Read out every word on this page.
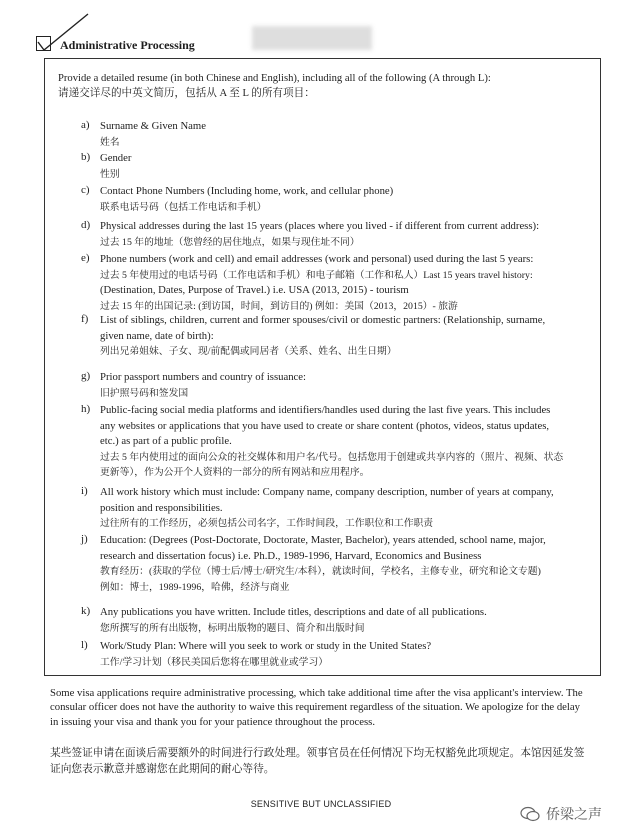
Administrative Processing
Provide a detailed resume (in both Chinese and English), including all of the following (A through L):
请递交详尽的中英文简历，包括从 A 至 L 的所有项目：
a) Surname & Given Name

姓名

b) Gender

性别

c) Contact Phone Numbers (Including home, work, and cellular phone)

联系电话号码（包括工作电话和手机）

d) Physical addresses during the last 15 years (places where you lived - if different from current address):

过去 15 年的地址（您曾经的居住地点，如果与现住址不同）

e) Phone numbers (work and cell) and email addresses (work and personal) used during the last 5 years:

过去 5 年使用过的电话号码（工作电话和手机）和电子邮箱（工作和私人）Last 15 years travel history:

(Destination, Dates, Purpose of Travel.) i.e. USA (2013, 2015) - tourism

过去 15 年的出国记录: (到访国，时间，到访目的) 例如：美国（2013，2015）- 旅游

f)	List of siblings, children, current and former spouses/civil or domestic partners: (Relationship, surname,

given name, date of birth):

列出兄弟姐妹、子女、现/前配偶或同居者（关系、姓名、出生日期）

g) Prior passport numbers and country of issuance:

旧护照号码和签发国

h) Public-facing social media platforms and identifiers/handles used during the last five years. This includes

any websites or applications that you have used to create or share content (photos, videos, status updates,

etc.) as part of a public profile.

过去 5 年内使用过的面向公众的社交媒体和用户名/代号。包括您用于创建或共享内容的（照片、视频、状态

更新等），作为公开个人资料的一部分的所有网站和应用程序。

i)	All work history which must include: Company name, company description, number of years at company,

position and responsibilities.

过往所有的工作经历，必须包括公司名字，工作时间段，工作职位和工作职责

j)	Education: (Degrees (Post-Doctorate, Doctorate, Master, Bachelor), years attended, school name, major,

research and dissertation focus) i.e. Ph.D., 1989-1996, Harvard, Economics and Business

教育经历：(获取的学位（博士后/博士/研究生/本科），就读时间，学校名，主修专业，研究和论文专题)

例如：博士，1989-1996，哈佛，经济与商业

k) Any publications you have written. Include titles, descriptions and date of all publications.

您所撰写的所有出版物，标明出版物的题目、简介和出版时间

l)	Work/Study Plan: Where will you seek to work or study in the United States?

工作/学习计划（移民美国后您将在哪里就业或学习）

Some visa applications require administrative processing, which take additional time after the visa applicant's interview. The consular officer does not have the authority to waive this requirement regardless of the situation. We apologize for the delay in issuing your visa and thank you for your patience throughout the process.
某些签证申请在面谈后需要额外的时间进行行政处理。领事官员在任何情况下均无权豁免此项规定。本馆因延发签证向您表示歉意并感谢您在此期间的耐心等待。
SENSITIVE BUT UNCLASSIFIED
侨梁之声
